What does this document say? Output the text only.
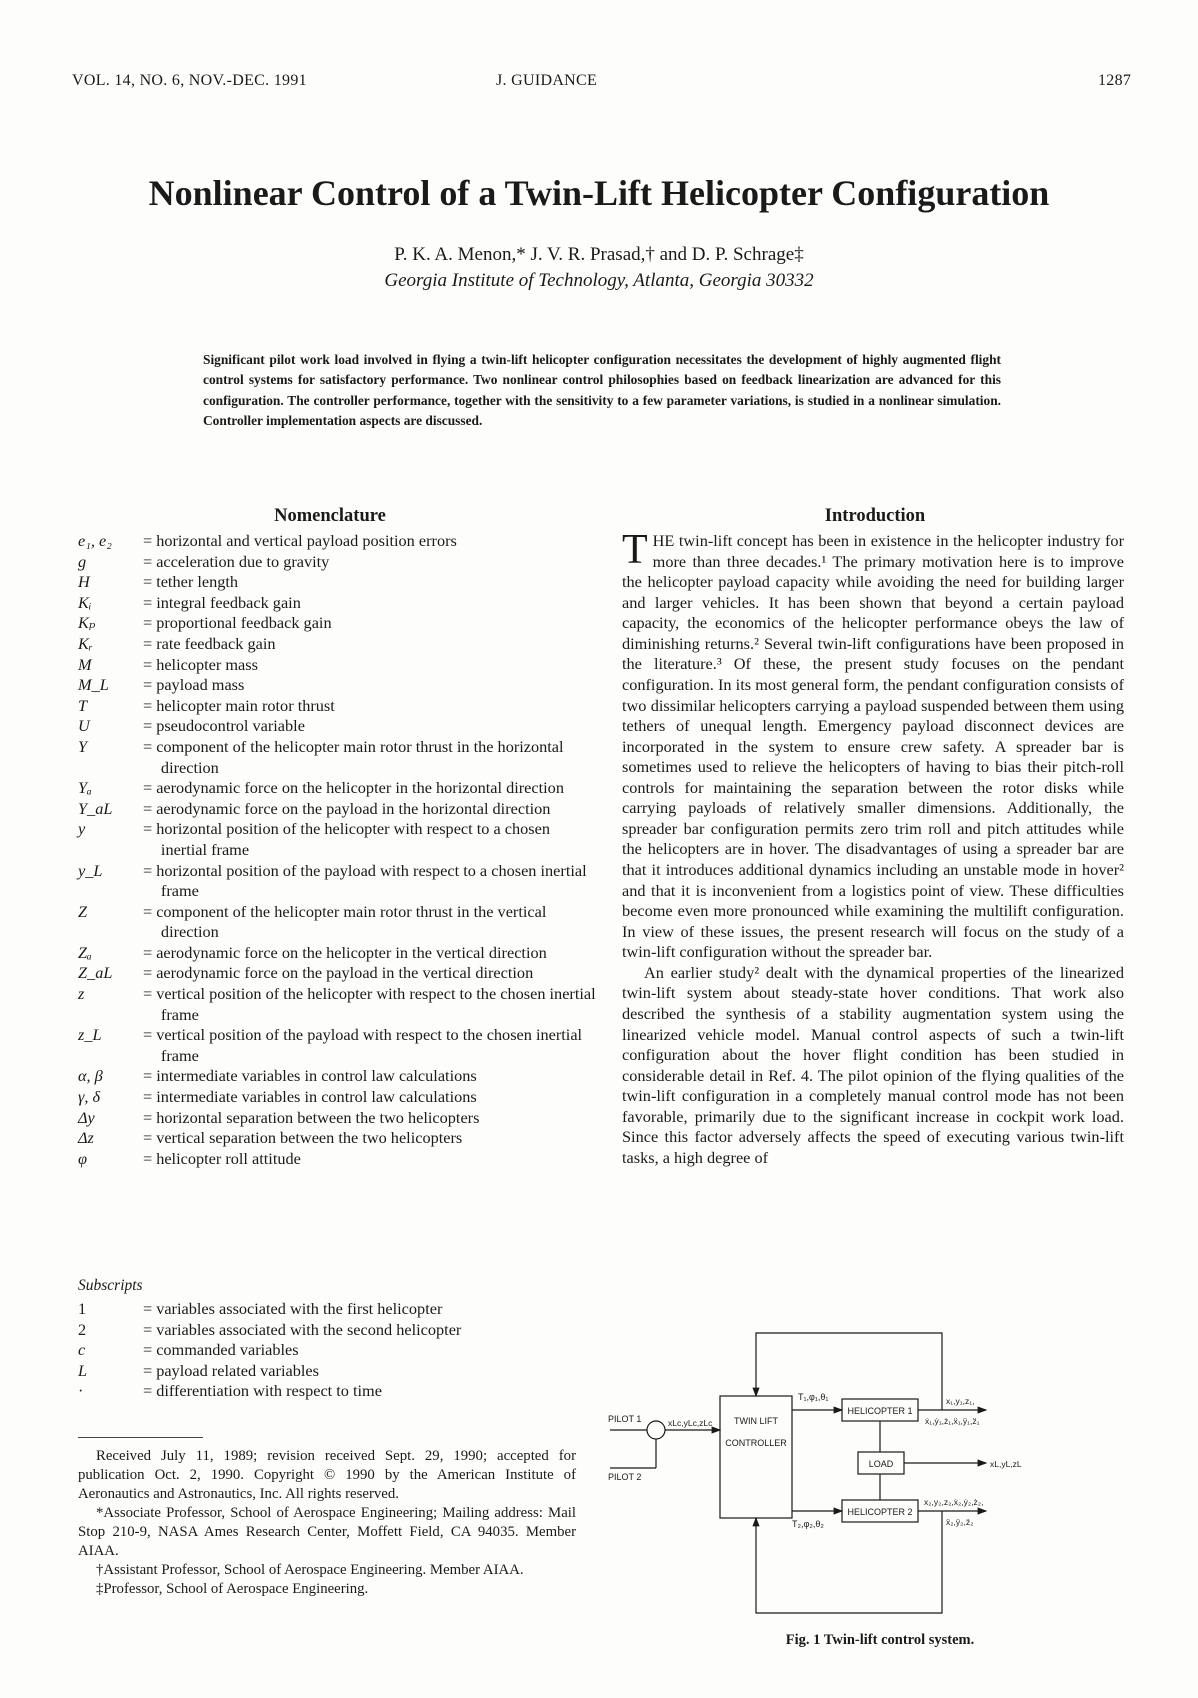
VOL. 14, NO. 6, NOV.-DEC. 1991	J. GUIDANCE	1287
Nonlinear Control of a Twin-Lift Helicopter Configuration
P. K. A. Menon,* J. V. R. Prasad,† and D. P. Schrage‡
Georgia Institute of Technology, Atlanta, Georgia 30332
Significant pilot work load involved in flying a twin-lift helicopter configuration necessitates the development of highly augmented flight control systems for satisfactory performance. Two nonlinear control philosophies based on feedback linearization are advanced for this configuration. The controller performance, together with the sensitivity to a few parameter variations, is studied in a nonlinear simulation. Controller implementation aspects are discussed.
Nomenclature
e₁, e₂	= horizontal and vertical payload position errors
g	= acceleration due to gravity
H	= tether length
Kᵢ	= integral feedback gain
Kₚ	= proportional feedback gain
Kᵣ	= rate feedback gain
M	= helicopter mass
M_L	= payload mass
T	= helicopter main rotor thrust
U	= pseudocontrol variable
Y	= component of the helicopter main rotor thrust in the horizontal direction
Yₐ	= aerodynamic force on the helicopter in the horizontal direction
Y_aL	= aerodynamic force on the payload in the horizontal direction
y	= horizontal position of the helicopter with respect to a chosen inertial frame
y_L	= horizontal position of the payload with respect to a chosen inertial frame
Z	= component of the helicopter main rotor thrust in the vertical direction
Zₐ	= aerodynamic force on the helicopter in the vertical direction
Z_aL	= aerodynamic force on the payload in the vertical direction
z	= vertical position of the helicopter with respect to the chosen inertial frame
z_L	= vertical position of the payload with respect to the chosen inertial frame
α, β	= intermediate variables in control law calculations
γ, δ	= intermediate variables in control law calculations
Δy	= horizontal separation between the two helicopters
Δz	= vertical separation between the two helicopters
φ	= helicopter roll attitude
Subscripts
1	= variables associated with the first helicopter
2	= variables associated with the second helicopter
c	= commanded variables
L	= payload related variables
·	= differentiation with respect to time

Received July 11, 1989; revision received Sept. 29, 1990; accepted for publication Oct. 2, 1990. Copyright © 1990 by the American Institute of Aeronautics and Astronautics, Inc. All rights reserved.

*Associate Professor, School of Aerospace Engineering; Mailing address: Mail Stop 210-9, NASA Ames Research Center, Moffett Field, CA 94035. Member AIAA.

†Assistant Professor, School of Aerospace Engineering. Member AIAA.

‡Professor, School of Aerospace Engineering.

Introduction

THE twin-lift concept has been in existence in the helicopter industry for more than three decades.¹ The primary motivation here is to improve the helicopter payload capacity while avoiding the need for building larger and larger vehicles. It has been shown that beyond a certain payload capacity, the economics of the helicopter performance obeys the law of diminishing returns.² Several twin-lift configurations have been proposed in the literature.³ Of these, the present study focuses on the pendant configuration. In its most general form, the pendant configuration consists of two dissimilar helicopters carrying a payload suspended between them using tethers of unequal length. Emergency payload disconnect devices are incorporated in the system to ensure crew safety. A spreader bar is sometimes used to relieve the helicopters of having to bias their pitch-roll controls for maintaining the separation between the rotor disks while carrying payloads of relatively smaller dimensions. Additionally, the spreader bar configuration permits zero trim roll and pitch attitudes while the helicopters are in hover. The disadvantages of using a spreader bar are that it introduces additional dynamics including an unstable mode in hover² and that it is inconvenient from a logistics point of view. These difficulties become even more pronounced while examining the multilift configuration. In view of these issues, the present research will focus on the study of a twin-lift configuration without the spreader bar.

An earlier study² dealt with the dynamical properties of the linearized twin-lift system about steady-state hover conditions. That work also described the synthesis of a stability augmentation system using the linearized vehicle model. Manual control aspects of such a twin-lift configuration about the hover flight condition has been studied in considerable detail in Ref. 4. The pilot opinion of the flying qualities of the twin-lift configuration in a completely manual control mode has not been favorable, primarily due to the significant increase in cockpit work load. Since this factor adversely affects the speed of executing various twin-lift tasks, a high degree of

PILOT 1
PILOT 2
xLc,yLc,zLc TWIN LIFT
CONTROLLER
T₁,φ₁,θ₁
T₂,φ₂,θ₂
HELICOPTER 1
HELICOPTER 2
LOAD
x₁,y₁,z₁,
ẋ₁,ẏ₁,ż₁,ẍ₁,ÿ₁,z̈₁
xL,yL,zL
x₂,y₂,z₂,ẋ₂,ẏ₂,ż₂,
ẍ₂,ÿ₂,z̈₂
Fig. 1 Twin-lift control system.
